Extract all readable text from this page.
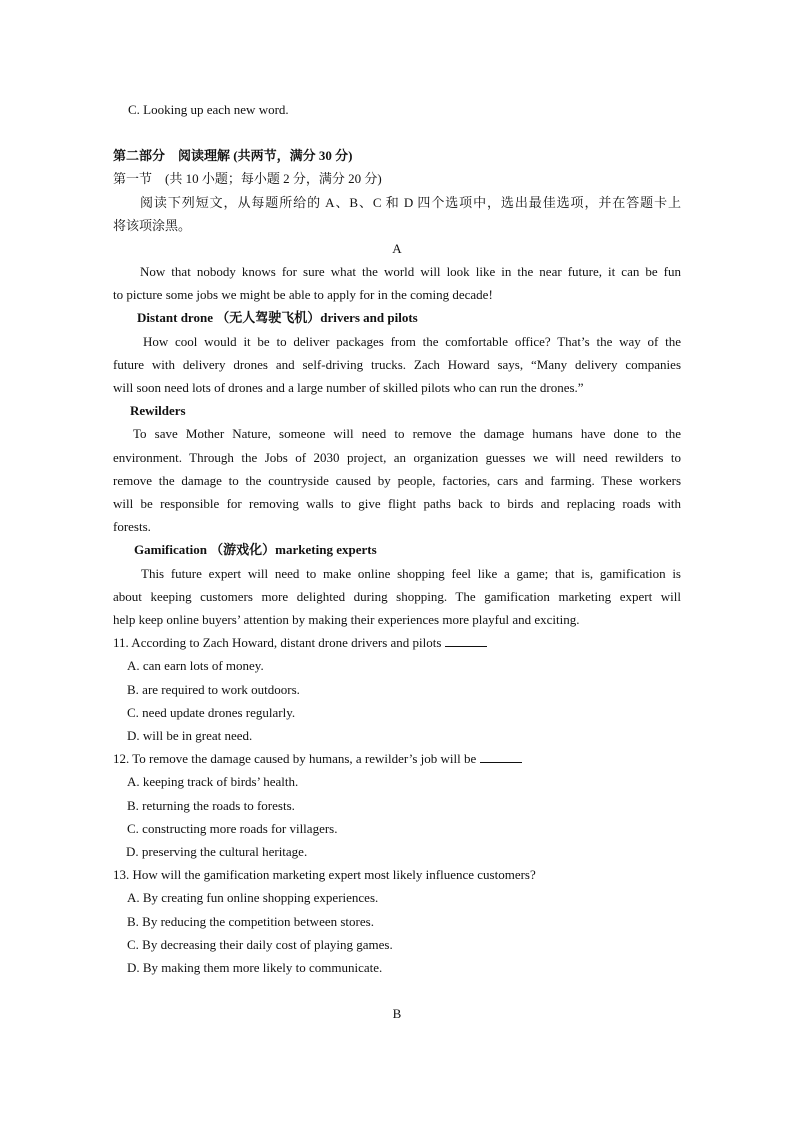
C. Looking up each new word.
第二部分　阅读理解 (共两节，满分 30 分)
第一节　(共 10 小题；每小题 2 分，满分 20 分)
阅读下列短文，从每题所给的 A、B、C 和 D 四个选项中，选出最佳选项，并在答题卡上
将该项涂黑。
A
Now that nobody knows for sure what the world will look like in the near future, it can be fun
to picture some jobs we might be able to apply for in the coming decade!
Distant drone （无人驾驶飞机）drivers and pilots
How cool would it be to deliver packages from the comfortable office? That’s the way of the
future with delivery drones and self-driving trucks. Zach Howard says, “Many delivery companies
will soon need lots of drones and a large number of skilled pilots who can run the drones.”
Rewilders
To save Mother Nature, someone will need to remove the damage humans have done to the
environment. Through the Jobs of 2030 project, an organization guesses we will need rewilders to
remove the damage to the countryside caused by people, factories, cars and farming. These workers
will be responsible for removing walls to give flight paths back to birds and replacing roads with
forests.
Gamification （游戏化）marketing experts
This future expert will need to make online shopping feel like a game; that is, gamification is
about keeping customers more delighted during shopping. The gamification marketing expert will
help keep online buyers’ attention by making their experiences more playful and exciting.
11. According to Zach Howard, distant drone drivers and pilots
A. can earn lots of money.
B. are required to work outdoors.
C. need update drones regularly.
D. will be in great need.
12. To remove the damage caused by humans, a rewilder’s job will be
A. keeping track of birds’ health.
B. returning the roads to forests.
C. constructing more roads for villagers.
D. preserving the cultural heritage.
13. How will the gamification marketing expert most likely influence customers?
A. By creating fun online shopping experiences.
B. By reducing the competition between stores.
C. By decreasing their daily cost of playing games.
D. By making them more likely to communicate.
B
